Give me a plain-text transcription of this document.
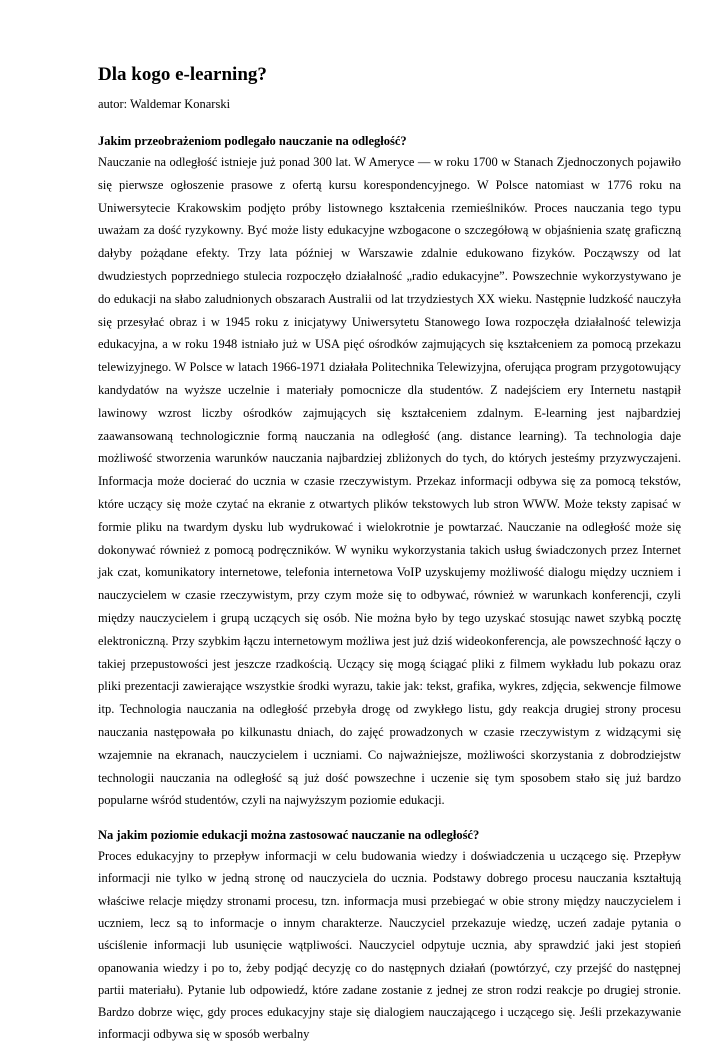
Dla kogo e-learning?

autor: Waldemar Konarski

Jakim przeobrażeniom podlegało nauczanie na odległość?

Nauczanie na odległość istnieje już ponad 300 lat. W Ameryce — w roku 1700 w Stanach Zjednoczonych pojawiło się pierwsze ogłoszenie prasowe z ofertą kursu korespondencyjnego. W Polsce natomiast w 1776 roku na Uniwersytecie Krakowskim podjęto próby listownego kształcenia rzemieślników. Proces nauczania tego typu uważam za dość ryzykowny. Być może listy edukacyjne wzbogacone o szczegółową w objaśnienia szatę graficzną dałyby pożądane efekty. Trzy lata później w Warszawie zdalnie edukowano fizyków. Począwszy od lat dwudziestych poprzedniego stulecia rozpoczęło działalność „radio edukacyjne”. Powszechnie wykorzystywano je do edukacji na słabo zaludnionych obszarach Australii od lat trzydziestych XX wieku. Następnie ludzkość nauczyła się przesyłać obraz i w 1945 roku z inicjatywy Uniwersytetu Stanowego Iowa rozpoczęła działalność telewizja edukacyjna, a w roku 1948 istniało już w USA pięć ośrodków zajmujących się kształceniem za pomocą przekazu telewizyjnego. W Polsce w latach 1966-1971 działała Politechnika Telewizyjna, oferująca program przygotowujący kandydatów na wyższe uczelnie i materiały pomocnicze dla studentów. Z nadejściem ery Internetu nastąpił lawinowy wzrost liczby ośrodków zajmujących się kształceniem zdalnym. E-learning jest najbardziej zaawansowaną technologicznie formą nauczania na odległość (ang. distance learning). Ta technologia daje możliwość stworzenia warunków nauczania najbardziej zbliżonych do tych, do których jesteśmy przyzwyczajeni. Informacja może docierać do ucznia w czasie rzeczywistym. Przekaz informacji odbywa się za pomocą tekstów, które uczący się może czytać na ekranie z otwartych plików tekstowych lub stron WWW. Może teksty zapisać w formie pliku na twardym dysku lub wydrukować i wielokrotnie je powtarzać. Nauczanie na odległość może się dokonywać również z pomocą podręczników. W wyniku wykorzystania takich usług świadczonych przez Internet jak czat, komunikatory internetowe, telefonia internetowa VoIP uzyskujemy możliwość dialogu między uczniem i nauczycielem w czasie rzeczywistym, przy czym może się to odbywać, również w warunkach konferencji, czyli między nauczycielem i grupą uczących się osób. Nie można było by tego uzyskać stosując nawet szybką pocztę elektroniczną. Przy szybkim łączu internetowym możliwa jest już dziś wideokonferencja, ale powszechność łączy o takiej przepustowości jest jeszcze rzadkością. Uczący się mogą ściągać pliki z filmem wykładu lub pokazu oraz pliki prezentacji zawierające wszystkie środki wyrazu, takie jak: tekst, grafika, wykres, zdjęcia, sekwencje filmowe itp. Technologia nauczania na odległość przebyła drogę od zwykłego listu, gdy reakcja drugiej strony procesu nauczania następowała po kilkunastu dniach, do zajęć prowadzonych w czasie rzeczywistym z widzącymi się wzajemnie na ekranach, nauczycielem i uczniami. Co najważniejsze, możliwości skorzystania z dobrodziejstw technologii nauczania na odległość są już dość powszechne i uczenie się tym sposobem stało się już bardzo popularne wśród studentów, czyli na najwyższym poziomie edukacji.

Na jakim poziomie edukacji można zastosować nauczanie na odległość?

Proces edukacyjny to przepływ informacji w celu budowania wiedzy i doświadczenia u uczącego się. Przepływ informacji nie tylko w jedną stronę od nauczyciela do ucznia. Podstawy dobrego procesu nauczania kształtują właściwe relacje między stronami procesu, tzn. informacja musi przebiegać w obie strony między nauczycielem i uczniem, lecz są to informacje o innym charakterze. Nauczyciel przekazuje wiedzę, uczeń zadaje pytania o uściślenie informacji lub usunięcie wątpliwości. Nauczyciel odpytuje ucznia, aby sprawdzić jaki jest stopień opanowania wiedzy i po to, żeby podjąć decyzję co do następnych działań (powtórzyć, czy przejść do następnej partii materiału). Pytanie lub odpowiedź, które zadane zostanie z jednej ze stron rodzi reakcje po drugiej stronie. Bardzo dobrze więc, gdy proces edukacyjny staje się dialogiem nauczającego i uczącego się. Jeśli przekazywanie informacji odbywa się w sposób werbalny
